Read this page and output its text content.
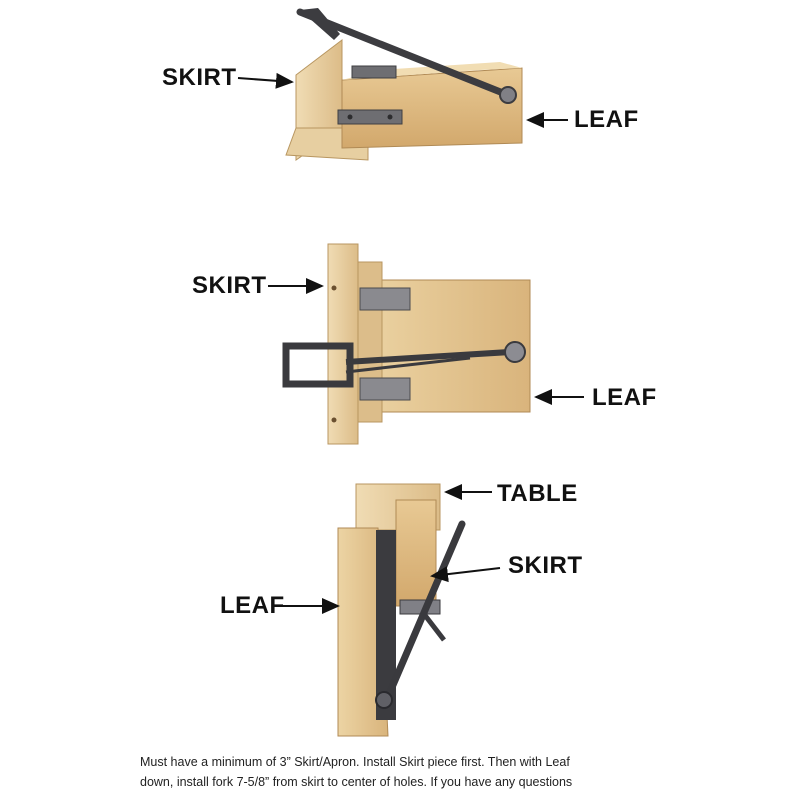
SKIRT
LEAF
SKIRT
LEAF
TABLE
SKIRT
LEAF
Must have a minimum of 3” Skirt/Apron. Install Skirt piece first. Then with Leaf
down, install fork 7-5/8” from skirt to center of holes. If you have any questions
